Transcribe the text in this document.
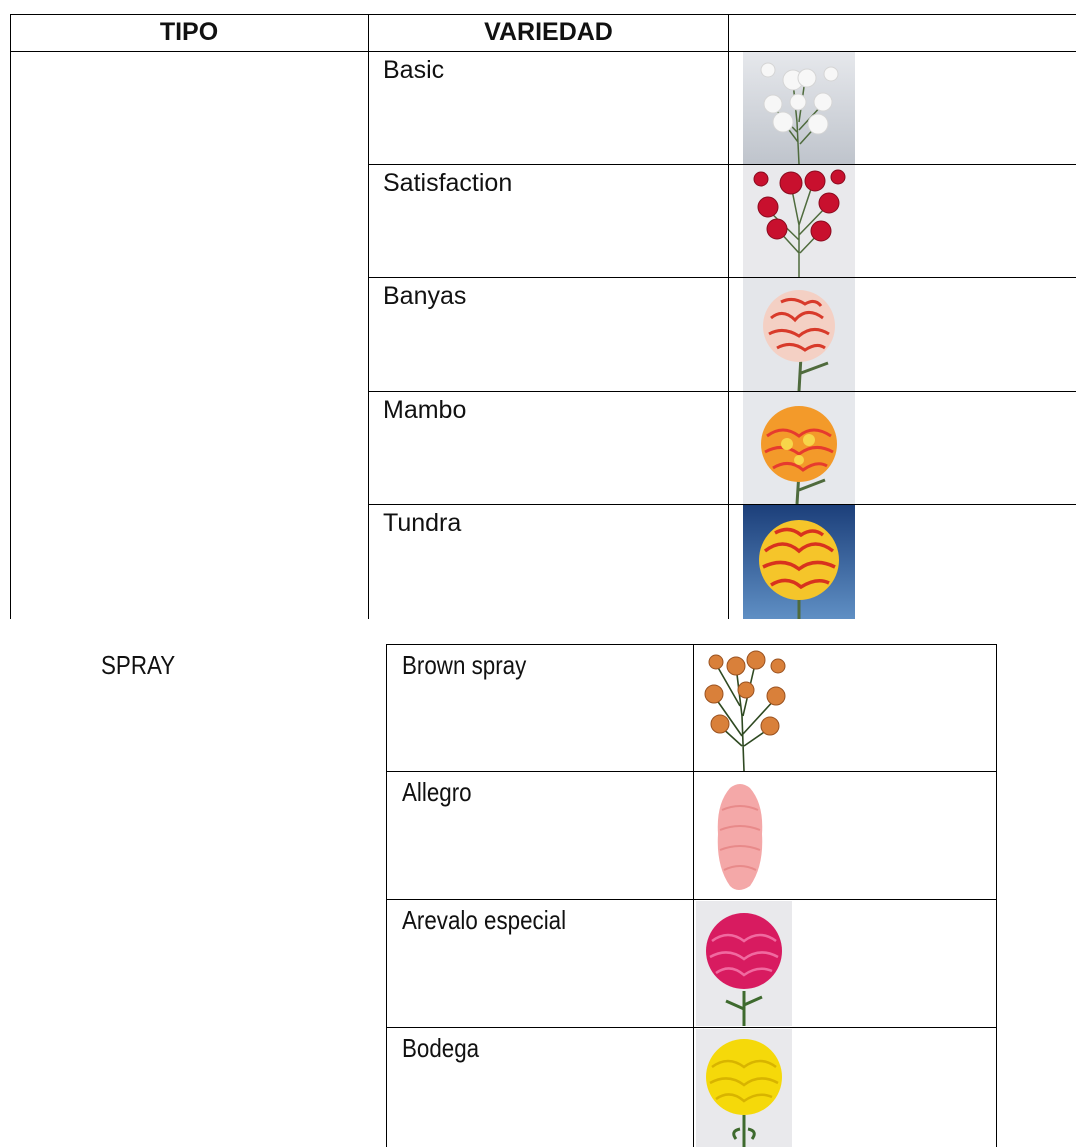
TIPO	VARIEDAD
Basic
Satisfaction
Banyas
Mambo
Tundra
SPRAY	Brown spray
Allegro
Arevalo especial
Bodega
